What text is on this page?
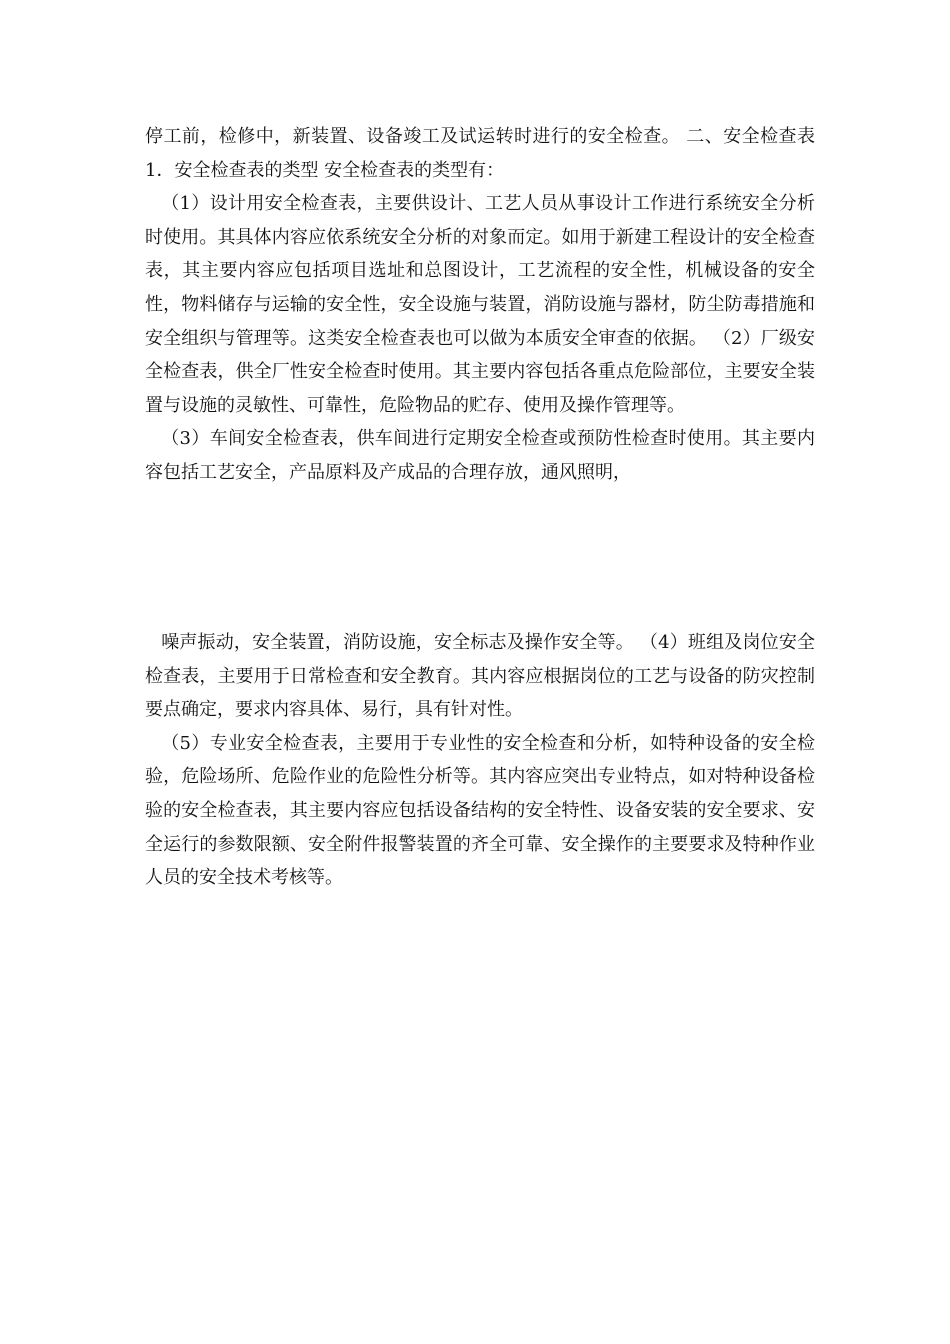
停工前，检修中，新装置、设备竣工及试运转时进行的安全检查。 二、安全检查表 1．安全检查表的类型 安全检查表的类型有：

（1）设计用安全检查表，主要供设计、工艺人员从事设计工作进行系统安全分析时使用。其具体内容应依系统安全分析的对象而定。如用于新建工程设计的安全检查表，其主要内容应包括项目选址和总图设计，工艺流程的安全性，机械设备的安全性，物料储存与运输的安全性，安全设施与装置，消防设施与器材，防尘防毒措施和安全组织与管理等。这类安全检查表也可以做为本质安全审查的依据。 （2）厂级安全检查表，供全厂性安全检查时使用。其主要内容包括各重点危险部位，主要安全装置与设施的灵敏性、可靠性，危险物品的贮存、使用及操作管理等。

（3）车间安全检查表，供车间进行定期安全检查或预防性检查时使用。其主要内容包括工艺安全，产品原料及产成品的合理存放，通风照明，

噪声振动，安全装置，消防设施，安全标志及操作安全等。 （4）班组及岗位安全检查表，主要用于日常检查和安全教育。其内容应根据岗位的工艺与设备的防灾控制要点确定，要求内容具体、易行，具有针对性。

（5）专业安全检查表，主要用于专业性的安全检查和分析，如特种设备的安全检验，危险场所、危险作业的危险性分析等。其内容应突出专业特点，如对特种设备检验的安全检查表，其主要内容应包括设备结构的安全特性、设备安装的安全要求、安全运行的参数限额、安全附件报警装置的齐全可靠、安全操作的主要要求及特种作业人员的安全技术考核等。
